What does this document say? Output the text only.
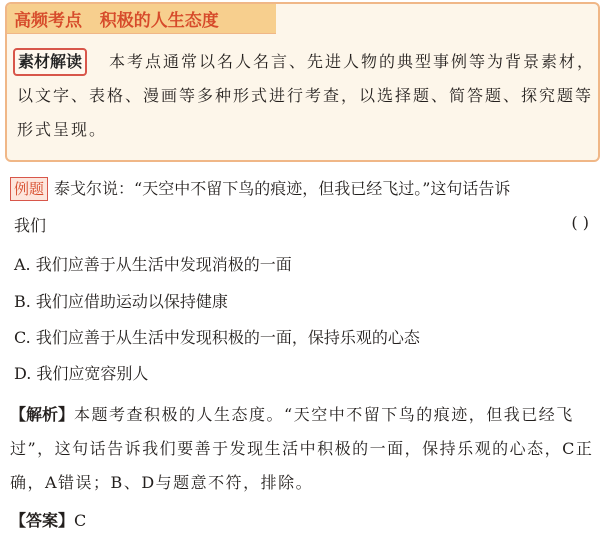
高频考点   积极的人生态度
素材解读	本考点通常以名人名言、先进人物的典型事例等为背景素材，以文字、表格、漫画等多种形式进行考查，以选择题、简答题、探究题等形式呈现。

例题 泰戈尔说：“天空中不留下鸟的痕迹，但我已经飞过。”这句话告诉
我们	( )
A. 我们应善于从生活中发现消极的一面
B. 我们应借助运动以保持健康
C. 我们应善于从生活中发现积极的一面，保持乐观的心态
D. 我们应宽容别人

【解析】本题考查积极的人生态度。“天空中不留下鸟的痕迹，但我已经飞过”，这句话告诉我们要善于发现生活中积极的一面，保持乐观的心态，C正确，A错误；B、D与题意不符，排除。

【答案】C
